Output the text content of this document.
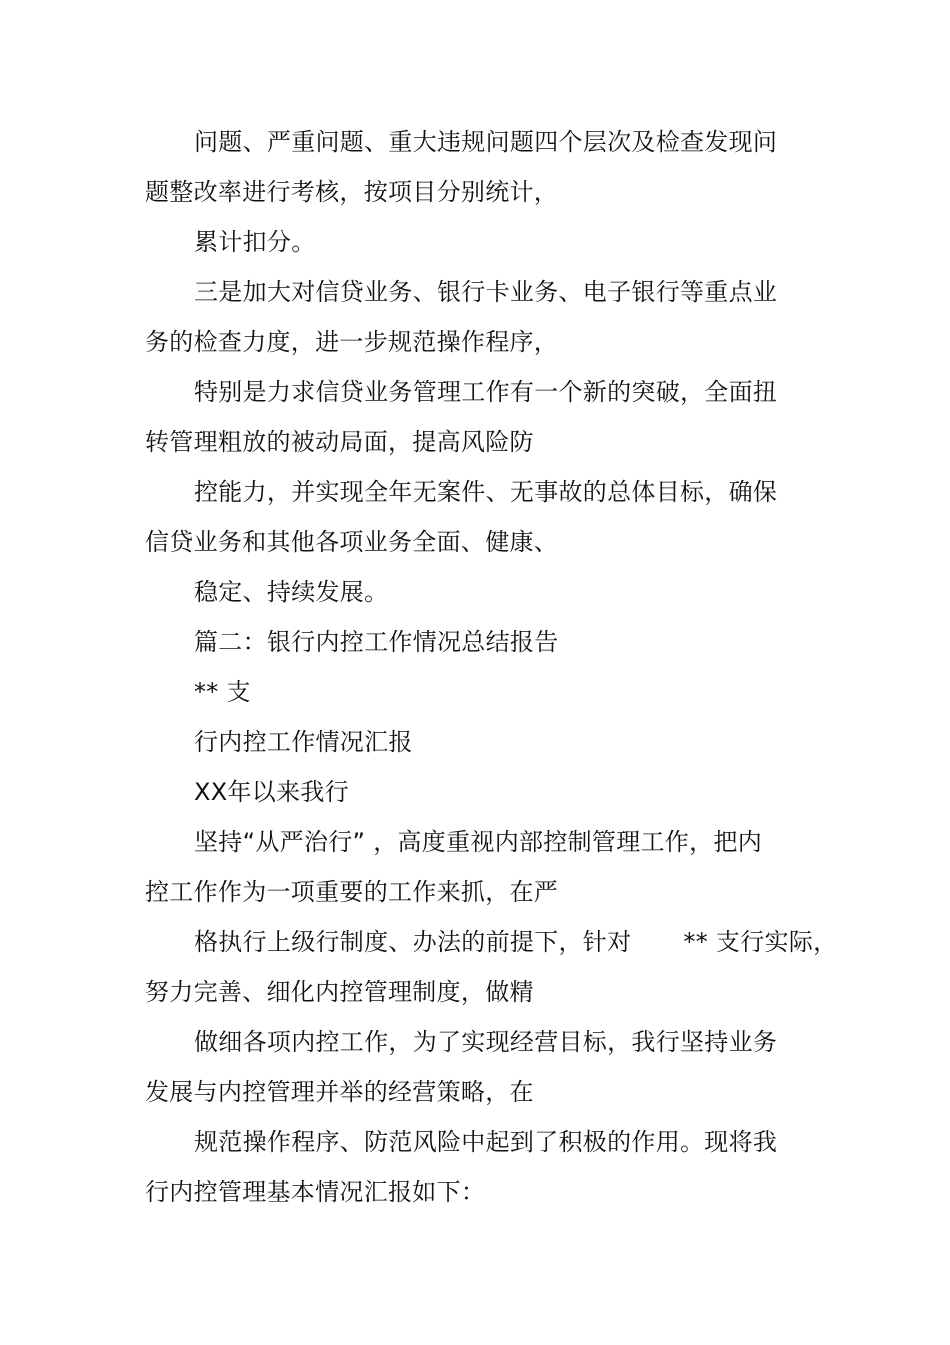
问题、严重问题、重大违规问题四个层次及检查发现问
题整改率进行考核，按项目分别统计，
累计扣分。
三是加大对信贷业务、银行卡业务、电子银行等重点业
务的检查力度，进一步规范操作程序，
特别是力求信贷业务管理工作有一个新的突破，全面扭
转管理粗放的被动局面，提高风险防
控能力，并实现全年无案件、无事故的总体目标，确保
信贷业务和其他各项业务全面、健康、
稳定、持续发展。
篇二：银行内控工作情况总结报告
** 支
行内控工作情况汇报
XX年以来我行
坚持“从严治行” ，高度重视内部控制管理工作，把内
控工作作为一项重要的工作来抓，在严
格执行上级行制度、办法的前提下，针对 ** 支行实际，
努力完善、细化内控管理制度，做精
做细各项内控工作，为了实现经营目标，我行坚持业务
发展与内控管理并举的经营策略，在
规范操作程序、防范风险中起到了积极的作用。现将我
行内控管理基本情况汇报如下：
